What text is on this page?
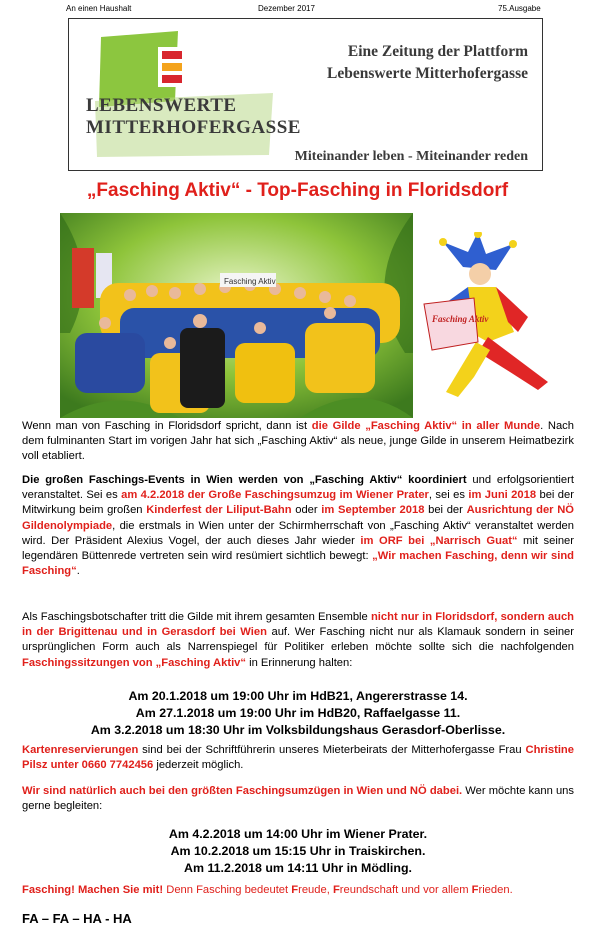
An einen Haushalt	Dezember 2017	75.Ausgabe
LEBENSWERTE
MITTERHOFERGASSE
Eine Zeitung der Plattform
Lebenswerte Mitterhofergasse
Miteinander leben - Miteinander reden
„Fasching Aktiv“ - Top-Fasching in Floridsdorf
Fasching Aktiv
Fasching Aktiv

Wenn man von Fasching in Floridsdorf spricht, dann ist die Gilde „Fasching Aktiv“ in aller Munde. Nach dem fulminanten Start im vorigen Jahr hat sich „Fasching Aktiv“ als neue, junge Gilde in unserem Heimatbezirk voll etabliert.

Die großen Faschings-Events in Wien werden von „Fasching Aktiv“ koordiniert und erfolgsorientiert veranstaltet. Sei es am 4.2.2018 der Große Faschingsumzug im Wiener Prater, sei es im Juni 2018 bei der Mitwirkung beim großen Kinderfest der Liliput-Bahn oder im September 2018 bei der Ausrichtung der NÖ Gildenolympiade, die erstmals in Wien unter der Schirmherrschaft von „Fasching Aktiv“ veranstaltet werden wird. Der Präsident Alexius Vogel, der auch dieses Jahr wieder im ORF bei „Narrisch Guat“ mit seiner legendären Büttenrede vertreten sein wird resümiert sichtlich bewegt: „Wir machen Fasching, denn wir sind Fasching“.

Als Faschingsbotschafter tritt die Gilde mit ihrem gesamten Ensemble nicht nur in Floridsdorf, sondern auch in der Brigittenau und in Gerasdorf bei Wien auf. Wer Fasching nicht nur als Klamauk sondern in seiner ursprünglichen Form auch als Narrenspiegel für Politiker erleben möchte sollte sich die nachfolgenden Faschingssitzungen von „Fasching Aktiv“ in Erinnerung halten:

Am 20.1.2018 um 19:00 Uhr im HdB21, Angererstrasse 14.

Am 27.1.2018 um 19:00 Uhr im HdB20, Raffaelgasse 11.

Am 3.2.2018 um 18:30 Uhr im Volksbildungshaus Gerasdorf-Oberlisse.

Kartenreservierungen sind bei der Schriftführerin unseres Mieterbeirats der Mitterhofergasse Frau Christine Pilsz unter 0660 7742456 jederzeit möglich.

Wir sind natürlich auch bei den größten Faschingsumzügen in Wien und NÖ dabei. Wer möchte kann uns gerne begleiten:

Am 4.2.2018 um 14:00 Uhr im Wiener Prater.

Am 10.2.2018 um 15:15 Uhr in Traiskirchen.

Am 11.2.2018 um 14:11 Uhr in Mödling.

Fasching! Machen Sie mit! Denn Fasching bedeutet Freude, Freundschaft und vor allem Frieden.

FA – FA – HA - HA
